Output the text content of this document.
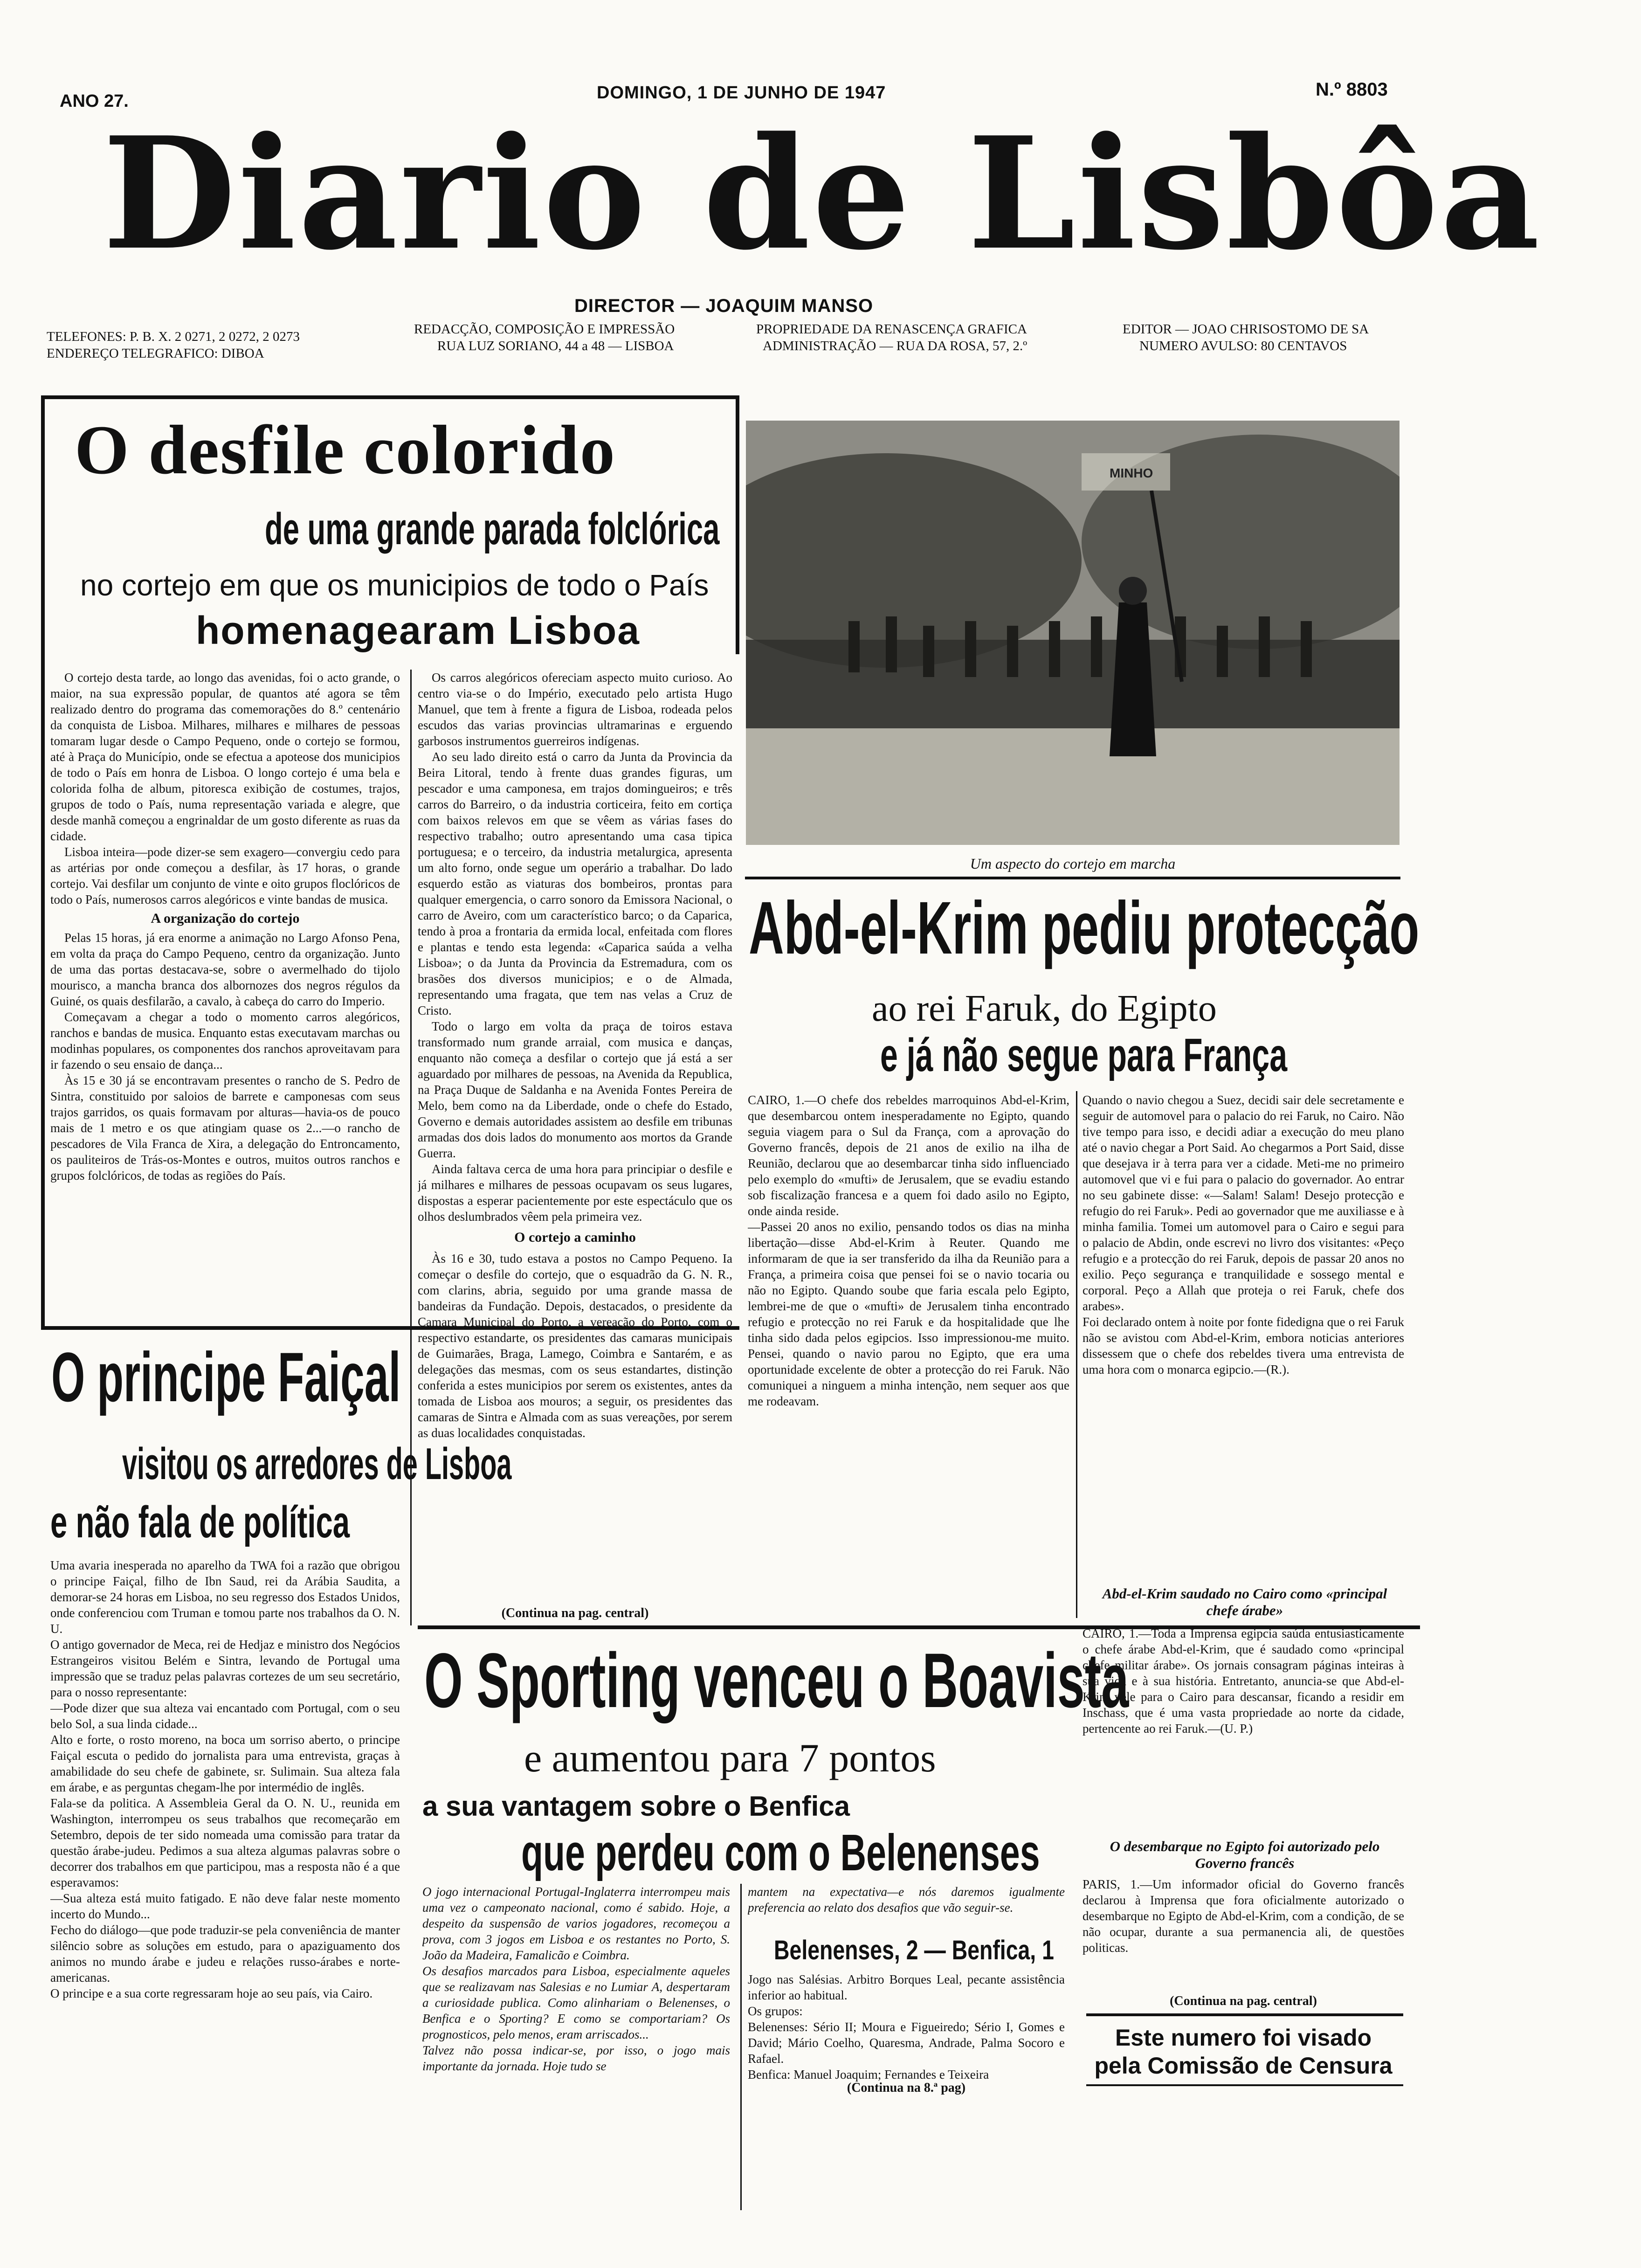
ANO 27.	DOMINGO, 1 DE JUNHO DE 1947	N.º 8803
Diario de Lisbôa
DIRECTOR — JOAQUIM MANSO
TELEFONES: P. B. X. 2 0271, 2 0272, 2 0273
ENDEREÇO TELEGRAFICO: DIBOA
REDACÇÃO, COMPOSIÇÃO E IMPRESSÃO
RUA LUZ SORIANO, 44 a 48 — LISBOA
PROPRIEDADE DA RENASCENÇA GRAFICA
ADMINISTRAÇÃO — RUA DA ROSA, 57, 2.º
EDITOR — JOAO CHRISOSTOMO DE SA
NUMERO AVULSO: 80 CENTAVOS
O desfile colorido
de uma grande parada folclórica
no cortejo em que os municipios de todo o País
homenagearam Lisboa
O cortejo desta tarde, ao longo das avenidas, foi o acto grande, o maior, na sua expressão popular, de quantos até agora se têm realizado dentro do programa das comemorações do 8.º centenário da conquista de Lisboa. Milhares, milhares e milhares de pessoas tomaram lugar desde o Campo Pequeno, onde o cortejo se formou, até à Praça do Município, onde se efectua a apoteose dos municipios de todo o País em honra de Lisboa. O longo cortejo é uma bela e colorida folha de album, pitoresca exibição de costumes, trajos, grupos de todo o País, numa representação variada e alegre, que desde manhã começou a engrinaldar de um gosto diferente as ruas da cidade.
Lisboa inteira—pode dizer-se sem exagero—convergiu cedo para as artérias por onde começou a desfilar, às 17 horas, o grande cortejo. Vai desfilar um conjunto de vinte e oito grupos floclóricos de todo o País, numerosos carros alegóricos e vinte bandas de musica.
A organização do cortejo
Pelas 15 horas, já era enorme a animação no Largo Afonso Pena, em volta da praça do Campo Pequeno, centro da organização. Junto de uma das portas destacava-se, sobre o avermelhado do tijolo mourisco, a mancha branca dos albornozes dos negros régulos da Guiné, os quais desfilarão, a cavalo, à cabeça do carro do Imperio.
Começavam a chegar a todo o momento carros alegóricos, ranchos e bandas de musica. Enquanto estas executavam marchas ou modinhas populares, os componentes dos ranchos aproveitavam para ir fazendo o seu ensaio de dança...
Às 15 e 30 já se encontravam presentes o rancho de S. Pedro de Sintra, constituido por saloios de barrete e camponesas com seus trajos garridos, os quais formavam por alturas—havia-os de pouco mais de 1 metro e os que atingiam quase os 2...—o rancho de pescadores de Vila Franca de Xira, a delegação do Entroncamento, os pauliteiros de Trás-os-Montes e outros, muitos outros ranchos e grupos folclóricos, de todas as regiões do País.
Os carros alegóricos ofereciam aspecto muito curioso. Ao centro via-se o do Império, executado pelo artista Hugo Manuel, que tem à frente a figura de Lisboa, rodeada pelos escudos das varias provincias ultramarinas e erguendo garbosos instrumentos guerreiros indígenas.
Ao seu lado direito está o carro da Junta da Provincia da Beira Litoral, tendo à frente duas grandes figuras, um pescador e uma camponesa, em trajos domingueiros; e três carros do Barreiro, o da industria corticeira, feito em cortiça com baixos relevos em que se vêem as várias fases do respectivo trabalho; outro apresentando uma casa tipica portuguesa; e o terceiro, da industria metalurgica, apresenta um alto forno, onde segue um operário a trabalhar. Do lado esquerdo estão as viaturas dos bombeiros, prontas para qualquer emergencia, o carro sonoro da Emissora Nacional, o carro de Aveiro, com um característico barco; o da Caparica, tendo à proa a frontaria da ermida local, enfeitada com flores e plantas e tendo esta legenda: «Caparica saúda a velha Lisboa»; o da Junta da Provincia da Estremadura, com os brasões dos diversos municipios; e o de Almada, representando uma fragata, que tem nas velas a Cruz de Cristo.
Todo o largo em volta da praça de toiros estava transformado num grande arraial, com musica e danças, enquanto não começa a desfilar o cortejo que já está a ser aguardado por milhares de pessoas, na Avenida da Republica, na Praça Duque de Saldanha e na Avenida Fontes Pereira de Melo, bem como na da Liberdade, onde o chefe do Estado, Governo e demais autoridades assistem ao desfile em tribunas armadas dos dois lados do monumento aos mortos da Grande Guerra.
Ainda faltava cerca de uma hora para principiar o desfile e já milhares e milhares de pessoas ocupavam os seus lugares, dispostas a esperar pacientemente por este espectáculo que os olhos deslumbrados vêem pela primeira vez.
O cortejo a caminho
Às 16 e 30, tudo estava a postos no Campo Pequeno. Ia começar o desfile do cortejo, que o esquadrão da G. N. R., com clarins, abria, seguido por uma grande massa de bandeiras da Fundação. Depois, destacados, o presidente da Camara Municipal do Porto, a vereação do Porto, com o respectivo estandarte, os presidentes das camaras municipais de Guimarães, Braga, Lamego, Coimbra e Santarém, e as delegações das mesmas, com os seus estandartes, distinção conferida a estes municipios por serem os existentes, antes da tomada de Lisboa aos mouros; a seguir, os presidentes das camaras de Sintra e Almada com as suas vereações, por serem as duas localidades conquistadas.
(Continua na pag. central)
MINHO
Um aspecto do cortejo em marcha
Abd-el-Krim pediu protecção
ao rei Faruk, do Egipto
e já não segue para França
CAIRO, 1.—O chefe dos rebeldes marroquinos Abd-el-Krim, que desembarcou ontem inesperadamente no Egipto, quando seguia viagem para o Sul da França, com a aprovação do Governo francês, depois de 21 anos de exilio na ilha de Reunião, declarou que ao desembarcar tinha sido influenciado pelo exemplo do «mufti» de Jerusalem, que se evadiu estando sob fiscalização francesa e a quem foi dado asilo no Egipto, onde ainda reside.
—Passei 20 anos no exilio, pensando todos os dias na minha libertação—disse Abd-el-Krim à Reuter. Quando me informaram de que ia ser transferido da ilha da Reunião para a França, a primeira coisa que pensei foi se o navio tocaria ou não no Egipto. Quando soube que faria escala pelo Egipto, lembrei-me de que o «mufti» de Jerusalem tinha encontrado refugio e protecção no rei Faruk e da hospitalidade que lhe tinha sido dada pelos egipcios. Isso impressionou-me muito. Pensei, quando o navio parou no Egipto, que era uma oportunidade excelente de obter a protecção do rei Faruk. Não comuniquei a ninguem a minha intenção, nem sequer aos que me rodeavam.
Quando o navio chegou a Suez, decidi sair dele secretamente e seguir de automovel para o palacio do rei Faruk, no Cairo. Não tive tempo para isso, e decidi adiar a execução do meu plano até o navio chegar a Port Said. Ao chegarmos a Port Said, disse que desejava ir à terra para ver a cidade. Meti-me no primeiro automovel que vi e fui para o palacio do governador. Ao entrar no seu gabinete disse: «—Salam! Salam! Desejo protecção e refugio do rei Faruk». Pedi ao governador que me auxiliasse e à minha familia. Tomei um automovel para o Cairo e segui para o palacio de Abdin, onde escrevi no livro dos visitantes: «Peço refugio e a protecção do rei Faruk, depois de passar 20 anos no exilio. Peço segurança e tranquilidade e sossego mental e corporal. Peço a Allah que proteja o rei Faruk, chefe dos arabes».
Foi declarado ontem à noite por fonte fidedigna que o rei Faruk não se avistou com Abd-el-Krim, embora noticias anteriores dissessem que o chefe dos rebeldes tivera uma entrevista de uma hora com o monarca egipcio.—(R.).
Abd-el-Krim saudado no Cairo como «principal chefe árabe»
CAIRO, 1.—Toda a Imprensa egipcia saúda entusiasticamente o chefe árabe Abd-el-Krim, que é saudado como «principal chefe militar árabe». Os jornais consagram páginas inteiras à sua vida e à sua história. Entretanto, anuncia-se que Abd-el-Krim vele para o Cairo para descansar, ficando a residir em Inschass, que é uma vasta propriedade ao norte da cidade, pertencente ao rei Faruk.—(U. P.)
O desembarque no Egipto foi autorizado pelo Governo francês
PARIS, 1.—Um informador oficial do Governo francês declarou à Imprensa que fora oficialmente autorizado o desembarque no Egipto de Abd-el-Krim, com a condição, de se não ocupar, durante a sua permanencia ali, de questões politicas.
(Continua na pag. central)
Este numero foi visado
pela Comissão de Censura
O principe Faiçal
visitou os arredores de Lisboa
e não fala de política
Uma avaria inesperada no aparelho da TWA foi a razão que obrigou o principe Faiçal, filho de Ibn Saud, rei da Arábia Saudita, a demorar-se 24 horas em Lisboa, no seu regresso dos Estados Unidos, onde conferenciou com Truman e tomou parte nos trabalhos da O. N. U.
O antigo governador de Meca, rei de Hedjaz e ministro dos Negócios Estrangeiros visitou Belém e Sintra, levando de Portugal uma impressão que se traduz pelas palavras cortezes de um seu secretário, para o nosso representante:
—Pode dizer que sua alteza vai encantado com Portugal, com o seu belo Sol, a sua linda cidade...
Alto e forte, o rosto moreno, na boca um sorriso aberto, o principe Faiçal escuta o pedido do jornalista para uma entrevista, graças à amabilidade do seu chefe de gabinete, sr. Sulimain. Sua alteza fala em árabe, e as perguntas chegam-lhe por intermédio de inglês.
Fala-se da politica. A Assembleia Geral da O. N. U., reunida em Washington, interrompeu os seus trabalhos que recomeçarão em Setembro, depois de ter sido nomeada uma comissão para tratar da questão árabe-judeu. Pedimos a sua alteza algumas palavras sobre o decorrer dos trabalhos em que participou, mas a resposta não é a que esperavamos:
—Sua alteza está muito fatigado. E não deve falar neste momento incerto do Mundo...
Fecho do diálogo—que pode traduzir-se pela conveniência de manter silêncio sobre as soluções em estudo, para o apaziguamento dos animos no mundo árabe e judeu e relações russo-árabes e norte-americanas.
O principe e a sua corte regressaram hoje ao seu país, via Cairo.
O Sporting venceu o Boavista
e aumentou para 7 pontos
a sua vantagem sobre o Benfica
que perdeu com o Belenenses
O jogo internacional Portugal-Inglaterra interrompeu mais uma vez o campeonato nacional, como é sabido. Hoje, a despeito da suspensão de varios jogadores, recomeçou a prova, com 3 jogos em Lisboa e os restantes no Porto, S. João da Madeira, Famalicão e Coimbra.
Os desafios marcados para Lisboa, especialmente aqueles que se realizavam nas Salesias e no Lumiar A, despertaram a curiosidade publica. Como alinhariam o Belenenses, o Benfica e o Sporting? E como se comportariam? Os prognosticos, pelo menos, eram arriscados...
Talvez não possa indicar-se, por isso, o jogo mais importante da jornada. Hoje tudo se
mantem na expectativa—e nós daremos igualmente preferencia ao relato dos desafios que vão seguir-se.
Belenenses, 2 — Benfica, 1
Jogo nas Salésias. Arbitro Borques Leal, pecante assistência inferior ao habitual.
Os grupos:
Belenenses: Sério II; Moura e Figueiredo; Sério I, Gomes e David; Mário Coelho, Quaresma, Andrade, Palma Socoro e Rafael.
Benfica: Manuel Joaquim; Fernandes e Teixeira
(Continua na 8.ª pag)
